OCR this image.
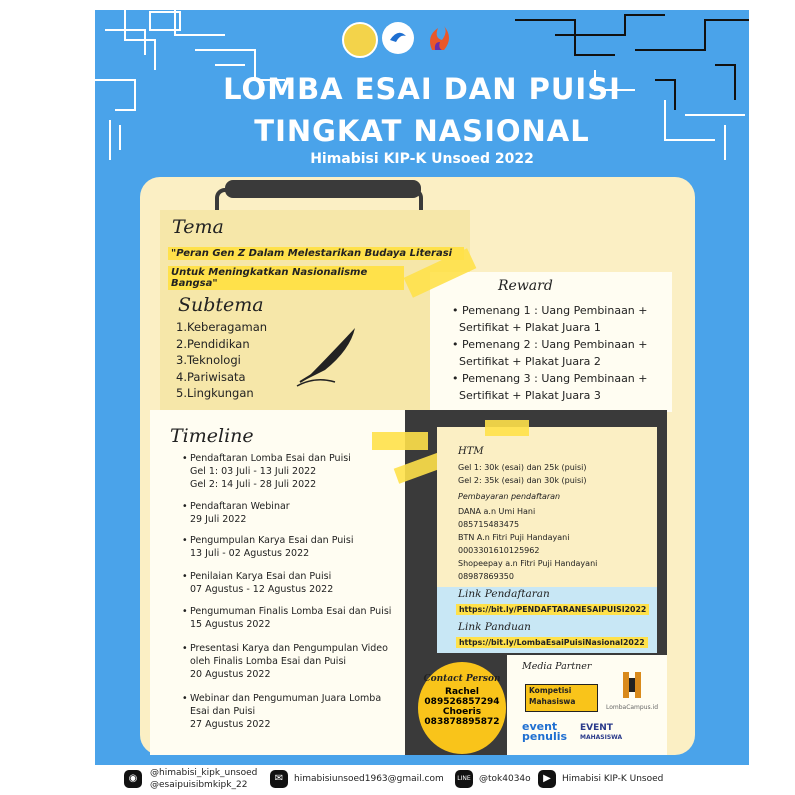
LOMBA ESAI DAN PUISI
TINGKAT NASIONAL
Himabisi KIP-K Unsoed 2022
Tema
"Peran Gen Z Dalam Melestarikan Budaya Literasi
Untuk Meningkatkan Nasionalisme Bangsa"
Subtema
1.Keberagaman
2.Pendidikan
3.Teknologi
4.Pariwisata
5.Lingkungan
Reward
• Pemenang 1 : Uang Pembinaan +
Sertifikat + Plakat Juara 1
• Pemenang 2 : Uang Pembinaan +
Sertifikat + Plakat Juara 2
• Pemenang 3 : Uang Pembinaan +
Sertifikat + Plakat Juara 3
Timeline
• Pendaftaran Lomba Esai dan Puisi
Gel 1: 03 Juli - 13 Juli 2022
Gel 2: 14 Juli - 28 Juli 2022
• Pendaftaran Webinar
29 Juli 2022
• Pengumpulan Karya Esai dan Puisi
13 Juli - 02 Agustus 2022
• Penilaian Karya Esai dan Puisi
07 Agustus - 12 Agustus 2022
• Pengumuman Finalis Lomba Esai dan Puisi
15 Agustus 2022
• Presentasi Karya dan Pengumpulan Video
oleh Finalis Lomba Esai dan Puisi
20 Agustus 2022
• Webinar dan Pengumuman Juara Lomba
Esai dan Puisi
27 Agustus 2022
HTM
Gel 1: 30k (esai) dan 25k (puisi)
Gel 2: 35k (esai) dan 30k (puisi)
Pembayaran pendaftaran
DANA a.n Umi Hani
085715483475
BTN A.n Fitri Puji Handayani
0003301610125962
Shopeepay a.n Fitri Puji Handayani
08987869350
Link Pendaftaran
https://bit.ly/PENDAFTARANESAIPUISI2022
Link Panduan
https://bit.ly/LombaEsaiPuisiNasional2022
Media Partner
Kompetisi
Mahasiswa
LombaCampus.id
event
penulis
EVENT
MAHASISWA
Contact Person
Rachel
089526857294
Choeris
083878895872
◉	@himabisi_kipk_unsoed
@esaipuisibmkipk_22
✉	himabisiunsoed1963@gmail.com	LINE @tok4034o	▶	Himabisi KIP-K Unsoed
